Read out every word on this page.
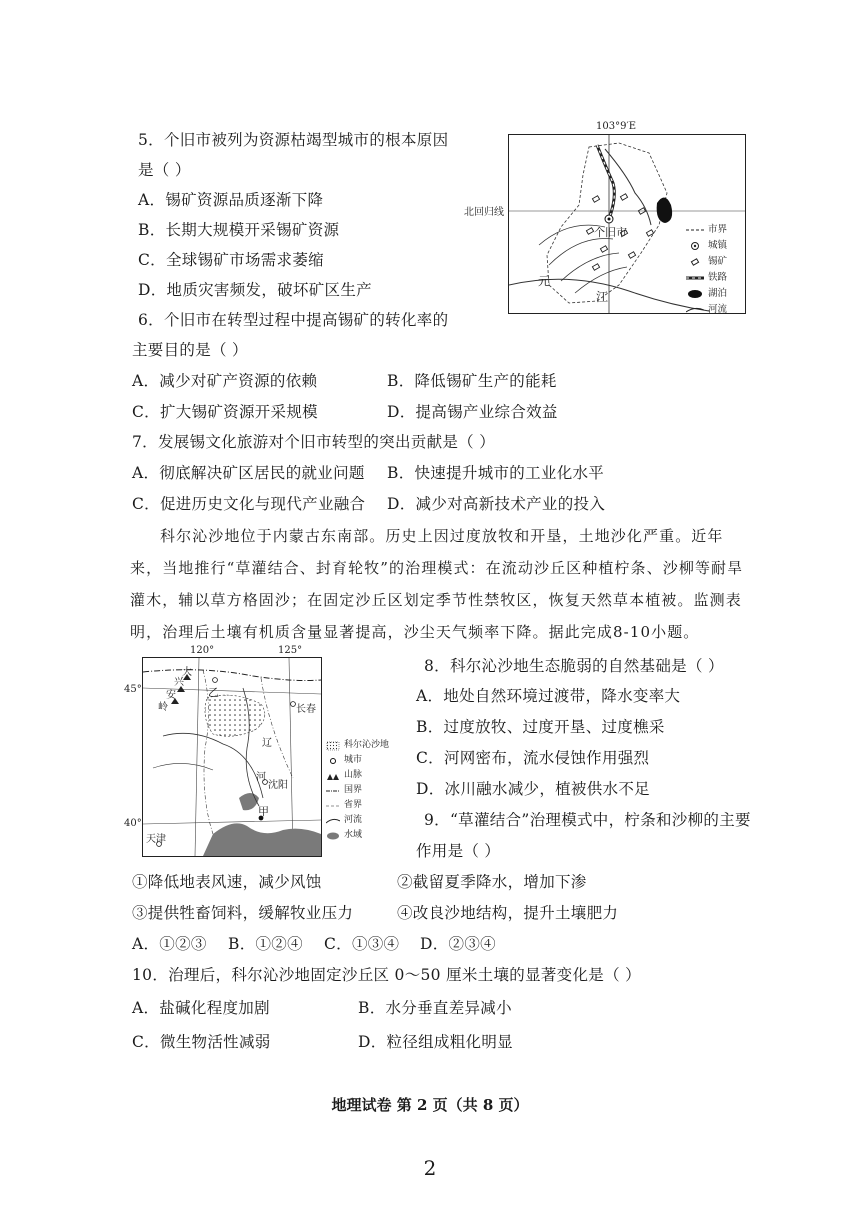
5．个旧市被列为资源枯竭型城市的根本原因
是（ ）
A．锡矿资源品质逐渐下降
B．长期大规模开采锡矿资源
C．全球锡矿市场需求萎缩
D．地质灾害频发，破坏矿区生产
6．个旧市在转型过程中提高锡矿的转化率的
主要目的是（ ）
A．减少对矿产资源的依赖	B．降低锡矿生产的能耗
C．扩大锡矿资源开采规模	D．提高锡产业综合效益
7．发展锡文化旅游对个旧市转型的突出贡献是（ ）
A．彻底解决矿区居民的就业问题 B．快速提升城市的工业化水平
C．促进历史文化与现代产业融合 D．减少对高新技术产业的投入
科尔沁沙地位于内蒙古东南部。历史上因过度放牧和开垦，土地沙化严重。近年来，当地推行“草灌结合、封育轮牧”的治理模式：在流动沙丘区种植柠条、沙柳等耐旱灌木，辅以草方格固沙；在固定沙丘区划定季节性禁牧区，恢复天然草本植被。监测表明，治理后土壤有机质含量显著提高，沙尘天气频率下降。据此完成8-10小题。
103°9′E
北回归线
个旧市
元
江
市界
城镇
锡矿
铁路
湖泊
河流
120°	125°
45°
40°
大
兴
安
岭
乙
长春
辽
沈阳
河
甲
天津
科尔沁沙地
城市
山脉
国界
省界
河流
水域
8．科尔沁沙地生态脆弱的自然基础是（ ）
A．地处自然环境过渡带，降水变率大
B．过度放牧、过度开垦、过度樵采
C．河网密布，流水侵蚀作用强烈
D．冰川融水减少，植被供水不足
9．“草灌结合”治理模式中，柠条和沙柳的主要
作用是（ ）
①降低地表风速，减少风蚀	②截留夏季降水，增加下渗
③提供牲畜饲料，缓解牧业压力	④改良沙地结构，提升土壤肥力
A．①②③ B．①②④ C．①③④ D．②③④
10．治理后，科尔沁沙地固定沙丘区 0～50 厘米土壤的显著变化是（ ）
A．盐碱化程度加剧	B．水分垂直差异减小
C．微生物活性减弱	D．粒径组成粗化明显
地理试卷 第 2 页（共 8 页）
2
